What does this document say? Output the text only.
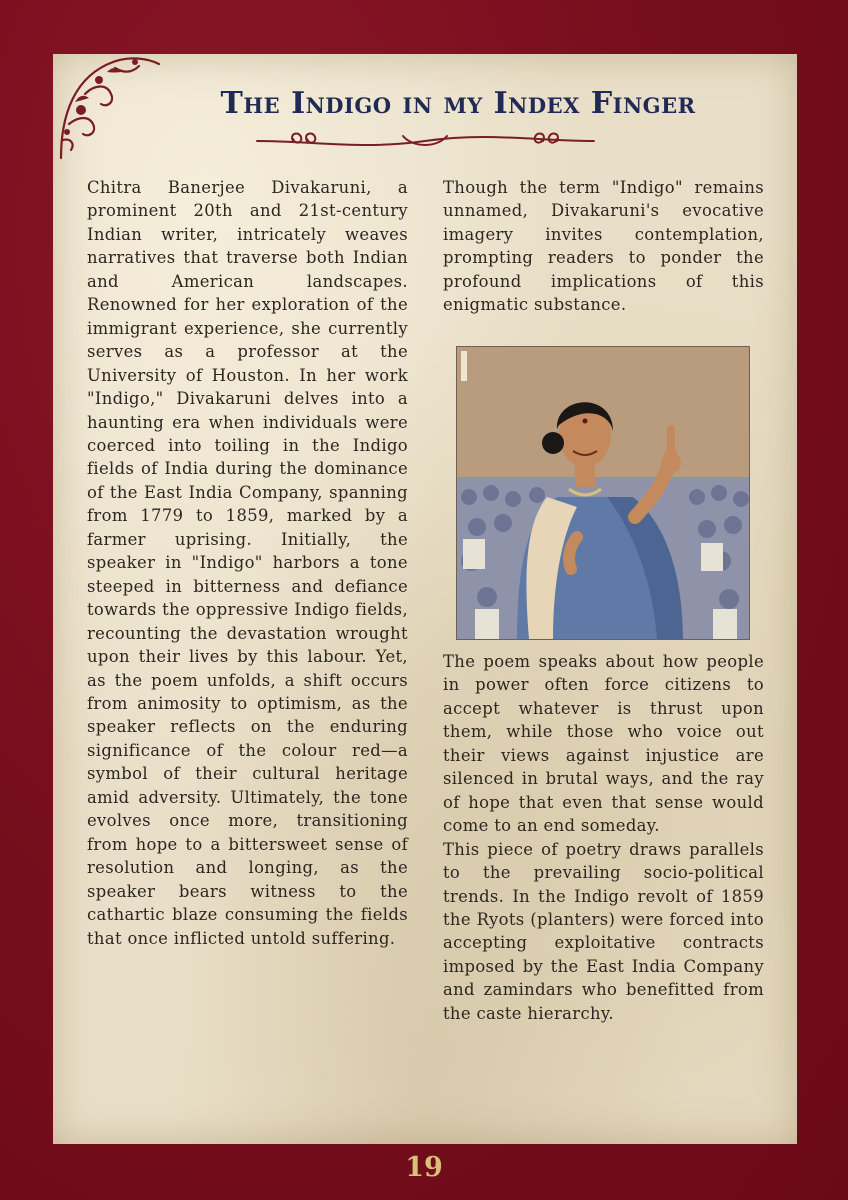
The Indigo in my Index Finger

Chitra Banerjee Divakaruni, a prominent 20th and 21st-century Indian writer, intricately weaves narratives that traverse both Indian and American landscapes. Renowned for her exploration of the immigrant experience, she currently serves as a professor at the University of Houston. In her work "Indigo," Divakaruni delves into a haunting era when individuals were coerced into toiling in the Indigo fields of India during the dominance of the East India Company, spanning from 1779 to 1859, marked by a farmer uprising. Initially, the speaker in "Indigo" harbors a tone steeped in bitterness and defiance towards the oppressive Indigo fields, recounting the devastation wrought upon their lives by this labour. Yet, as the poem unfolds, a shift occurs from animosity to optimism, as the speaker reflects on the enduring significance of the colour red—a symbol of their cultural heritage amid adversity. Ultimately, the tone evolves once more, transitioning from hope to a bittersweet sense of resolution and longing, as the speaker bears witness to the cathartic blaze consuming the fields that once inflicted untold suffering.

Though the term "Indigo" remains unnamed, Divakaruni's evocative imagery invites contemplation, prompting readers to ponder the profound implications of this enigmatic substance.

The poem speaks about how people in power often force citizens to accept whatever is thrust upon them, while those who voice out their views against injustice are silenced in brutal ways, and the ray of hope that even that sense would come to an end someday.

This piece of poetry draws parallels to the prevailing socio-political trends. In the Indigo revolt of 1859 the Ryots (planters) were forced into accepting exploitative contracts imposed by the East India Company and zamindars who benefitted from the caste hierarchy.

19
